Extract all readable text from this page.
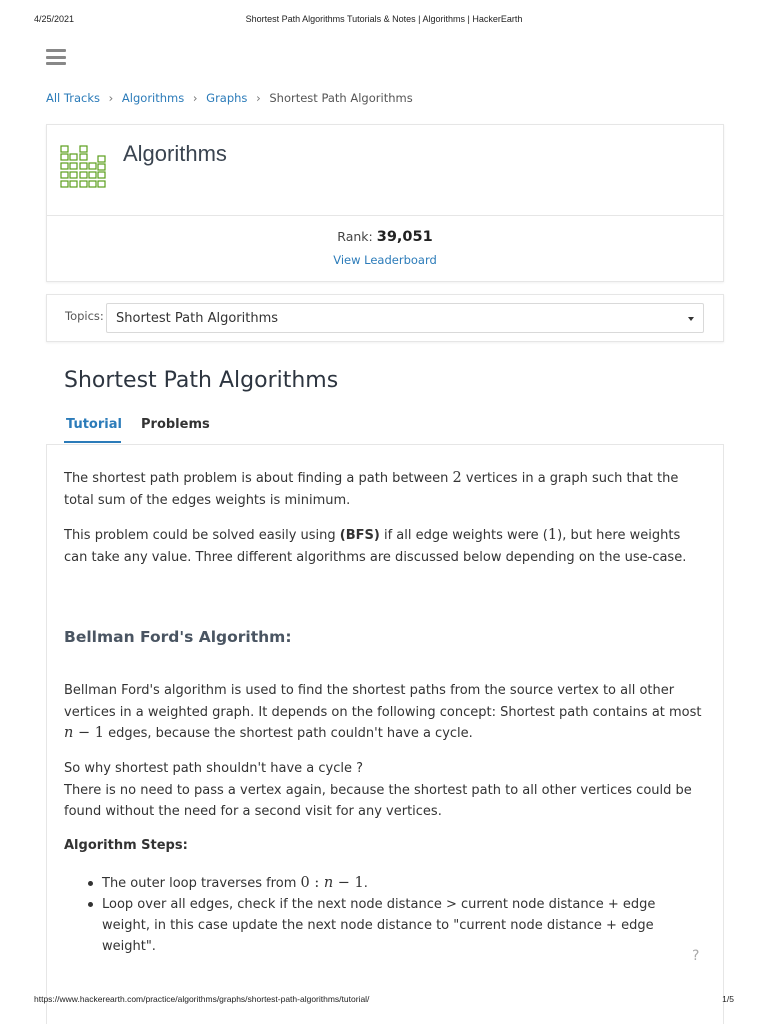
4/25/2021	Shortest Path Algorithms Tutorials & Notes | Algorithms | HackerEarth
All Tracks › Algorithms › Graphs › Shortest Path Algorithms
Algorithms
Rank: 39,051
View Leaderboard
Topics: Shortest Path Algorithms
Shortest Path Algorithms
Tutorial Problems

The shortest path problem is about finding a path between 2 vertices in a graph such that the total sum of the edges weights is minimum.

This problem could be solved easily using (BFS) if all edge weights were (1), but here weights can take any value. Three different algorithms are discussed below depending on the use-case.

Bellman Ford's Algorithm:

Bellman Ford's algorithm is used to find the shortest paths from the source vertex to all other vertices in a weighted graph. It depends on the following concept: Shortest path contains at most n − 1 edges, because the shortest path couldn't have a cycle.

So why shortest path shouldn't have a cycle ?
There is no need to pass a vertex again, because the shortest path to all other vertices could be found without the need for a second visit for any vertices.

Algorithm Steps:
The outer loop traverses from 0 : n − 1.
Loop over all edges, check if the next node distance > current node distance + edge weight, in this case update the next node distance to "current node distance + edge weight".
?
https://www.hackerearth.com/practice/algorithms/graphs/shortest-path-algorithms/tutorial/	1/5
